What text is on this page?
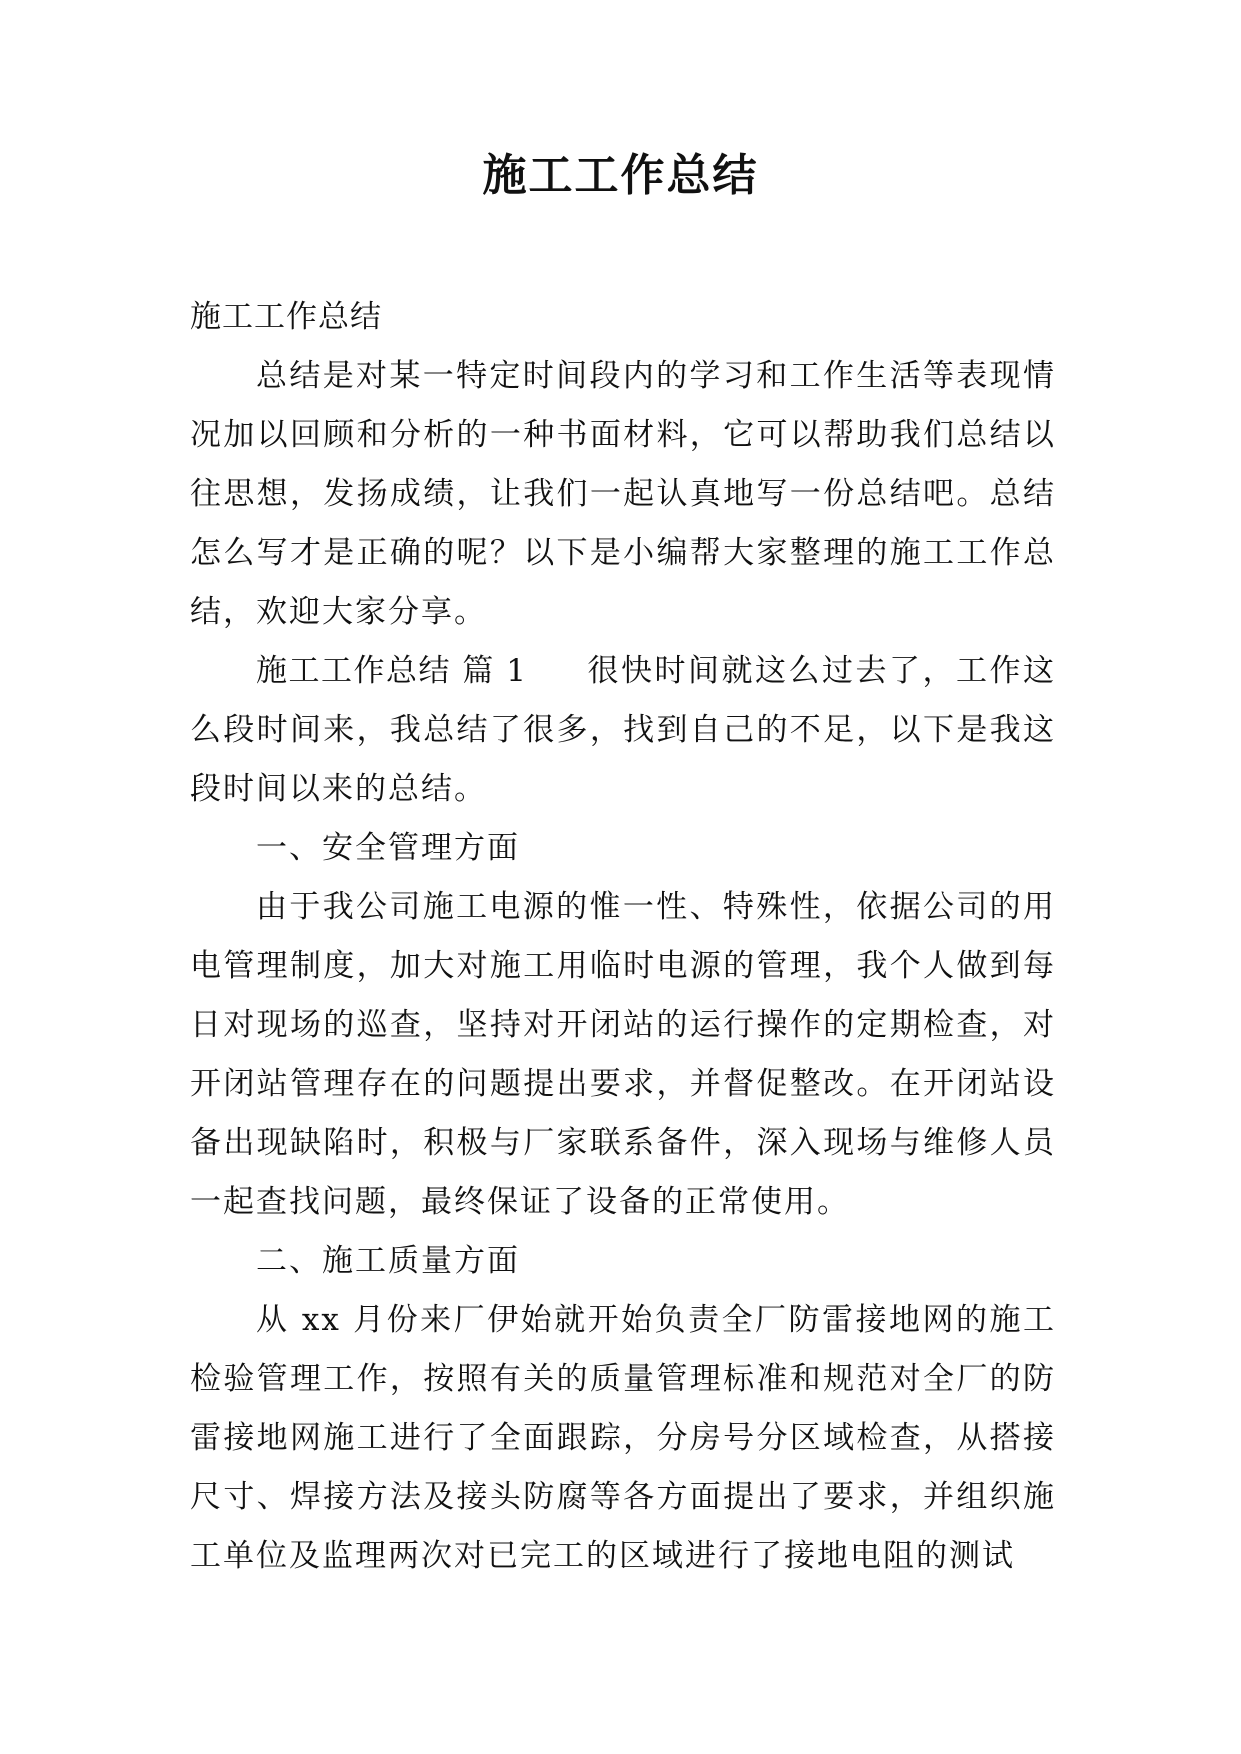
施工工作总结

施工工作总结

总结是对某一特定时间段内的学习和工作生活等表现情况加以回顾和分析的一种书面材料，它可以帮助我们总结以往思想，发扬成绩，让我们一起认真地写一份总结吧。总结怎么写才是正确的呢？以下是小编帮大家整理的施工工作总结，欢迎大家分享。

施工工作总结 篇 1 很快时间就这么过去了，工作这么段时间来，我总结了很多，找到自己的不足，以下是我这段时间以来的总结。

一、安全管理方面

由于我公司施工电源的惟一性、特殊性，依据公司的用电管理制度，加大对施工用临时电源的管理，我个人做到每日对现场的巡查，坚持对开闭站的运行操作的定期检查，对开闭站管理存在的问题提出要求，并督促整改。在开闭站设备出现缺陷时，积极与厂家联系备件，深入现场与维修人员一起查找问题，最终保证了设备的正常使用。

二、施工质量方面

从 xx 月份来厂伊始就开始负责全厂防雷接地网的施工检验管理工作，按照有关的质量管理标准和规范对全厂的防雷接地网施工进行了全面跟踪，分房号分区域检查，从搭接尺寸、焊接方法及接头防腐等各方面提出了要求，并组织施工单位及监理两次对已完工的区域进行了接地电阻的测试
